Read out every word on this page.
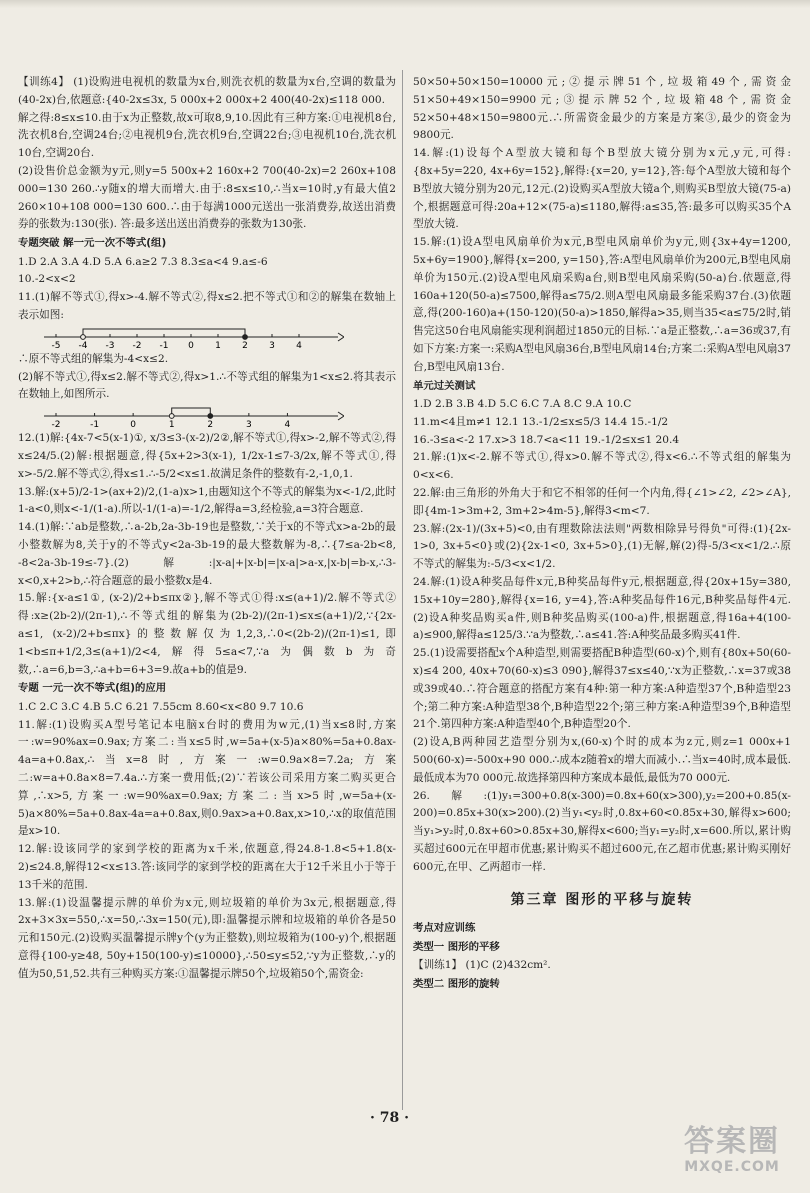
【训练4】 (1)设购进电视机的数量为x台,则洗衣机的数量为x台,空调的数量为(40-2x)台,依题意:{40-2x≤3x, 5 000x+2 000x+2 400(40-2x)≤118 000.

解之得:8≤x≤10.由于x为正整数,故x可取8,9,10.因此有三种方案:①电视机8台,洗衣机8台,空调24台;②电视机9台,洗衣机9台,空调22台;③电视机10台,洗衣机10台,空调20台.

(2)设售价总金额为y元,则y=5 500x+2 160x+2 700(40-2x)=2 260x+108 000=130 260.∴y随x的增大而增大.由于:8≤x≤10,∴当x=10时,y有最大值2 260×10+108 000=130 600.∴由于每满1000元送出一张消费券,故送出消费券的张数为:130(张). 答:最多送出送出消费券的张数为130张.

专题突破 解一元一次不等式(组)

1.D 2.A 3.A 4.D 5.A 6.a≥2 7.3 8.3≤a<4 9.a≤-6

10.-2<x<2

11.(1)解不等式①,得x>-4.解不等式②,得x≤2.把不等式①和②的解集在数轴上表示如图:

-5 -4 -3 -2 -1 0 1 2 3 4

∴原不等式组的解集为-4<x≤2.

(2)解不等式①,得x≤2.解不等式②,得x>1.∴不等式组的解集为1<x≤2.将其表示在数轴上,如图所示.

-2	-1	0	1	2	3	4

12.(1)解:{4x-7<5(x-1)①, x/3≤3-(x-2)/2②,解不等式①,得x>-2,解不等式②,得x≤24/5.(2)解:根据题意,得{5x+2>3(x-1), 1/2x-1≤7-3/2x,解不等式①,得x>-5/2.解不等式②,得x≤1.∴-5/2<x≤1.故满足条件的整数有-2,-1,0,1.

13.解:(x+5)/2-1>(ax+2)/2,(1-a)x>1,由题知这个不等式的解集为x<-1/2,此时1-a<0,则x<-1/(1-a).所以-1/(1-a)=-1/2,解得a=3,经检验,a=3符合题意.

14.(1)解:∵ab是整数,∴a-2b,2a-3b-19也是整数,∵关于x的不等式x>a-2b的最小整数解为8,关于y的不等式y<2a-3b-19的最大整数解为-8,∴{7≤a-2b<8, -8<2a-3b-19≤-7}.(2)解:|x-a|+|x-b|=|x-a|>a-x,|x-b|=b-x,∴3-x<0,x+2>b,∴符合题意的最小整数x是4.

15.解:{x-a≤1①, (x-2)/2+b≤πx②},解不等式①得:x≤(a+1)/2.解不等式②得:x≥(2b-2)/(2π-1),∴不等式组的解集为(2b-2)/(2π-1)≤x≤(a+1)/2,∵{2x-a≤1, (x-2)/2+b≤πx}的整数解仅为1,2,3,∴0<(2b-2)/(2π-1)≤1,即1<b≤π+1/2,3≤(a+1)/2<4,解得5≤a<7,∵a为偶数b为奇数,∴a=6,b=3,∴a+b=6+3=9.故a+b的值是9.

专题 一元一次不等式(组)的应用

1.C 2.C 3.C 4.B 5.C 6.21 7.55cm 8.60<x<80 9.7 10.6

11.解:(1)设购买A型号笔记本电脑x台时的费用为w元,(1)当x≤8时,方案一:w=90%ax=0.9ax;方案二:当x≤5时,w=5a+(x-5)a×80%=5a+0.8ax-4a=a+0.8ax,∴当x=8时,方案一:w=0.9a×8=7.2a;方案二:w=a+0.8a×8=7.4a.∴方案一费用低;(2)∵若该公司采用方案二购买更合算,∴x>5,方案一:w=90%ax=0.9ax;方案二:当x>5时,w=5a+(x-5)a×80%=5a+0.8ax-4a=a+0.8ax,则0.9ax>a+0.8ax,x>10,∴x的取值范围是x>10.

12.解:设该同学的家到学校的距离为x千米,依题意,得24.8-1.8<5+1.8(x-2)≤24.8,解得12<x≤13.答:该同学的家到学校的距离在大于12千米且小于等于13千米的范围.

13.解:(1)设温馨提示牌的单价为x元,则垃圾箱的单价为3x元,根据题意,得2x+3×3x=550,∴x=50,∴3x=150(元),即:温馨提示牌和垃圾箱的单价各是50元和150元.(2)设购买温馨提示牌y个(y为正整数),则垃圾箱为(100-y)个,根据题意得{100-y≥48, 50y+150(100-y)≤10000},∴50≤y≤52,∵y为正整数,∴y的值为50,51,52.共有三种购买方案:①温馨提示牌50个,垃圾箱50个,需资金:

50×50+50×150=10000元;②提示牌51个,垃圾箱49个,需资金51×50+49×150=9900元;③提示牌52个,垃圾箱48个,需资金52×50+48×150=9800元.∴所需资金最少的方案是方案③,最少的资金为9800元.

14.解:(1)设每个A型放大镜和每个B型放大镜分别为x元,y元,可得:{8x+5y=220, 4x+6y=152},解得:{x=20, y=12},答:每个A型放大镜和每个B型放大镜分别为20元,12元.(2)设购买A型放大镜a个,则购买B型放大镜(75-a)个,根据题意可得:20a+12×(75-a)≤1180,解得:a≤35,答:最多可以购买35个A型放大镜.

15.解:(1)设A型电风扇单价为x元,B型电风扇单价为y元,则{3x+4y=1200, 5x+6y=1900},解得{x=200, y=150},答:A型电风扇单价为200元,B型电风扇单价为150元.(2)设A型电风扇采购a台,则B型电风扇采购(50-a)台.依题意,得160a+120(50-a)≤7500,解得a≤75/2.则A型电风扇最多能采购37台.(3)依题意,得(200-160)a+(150-120)(50-a)>1850,解得a>35,则当35<a≤75/2时,销售完这50台电风扇能实现利润超过1850元的目标.∵a是正整数,∴a=36或37,有如下方案:方案一:采购A型电风扇36台,B型电风扇14台;方案二:采购A型电风扇37台,B型电风扇13台.

单元过关测试

1.D 2.B 3.B 4.D 5.C 6.C 7.A 8.C 9.A 10.C

11.m<4且m≠1 12.1 13.-1/2≤x≤5/3 14.4 15.-1/2

16.-3≤a<-2 17.x>3 18.7<a<11 19.-1/2≤x≤1 20.4

21.解:(1)x<-2.解不等式①,得x>0.解不等式②,得x<6.∴不等式组的解集为0<x<6.

22.解:由三角形的外角大于和它不相邻的任何一个内角,得{∠1>∠2, ∠2>∠A},即{4m-1>3m+2, 3m+2>4m-5},解得3<m<7.

23.解:(2x-1)/(3x+5)<0,由有理数除法法则"两数相除异号得负"可得:(1){2x-1>0, 3x+5<0}或(2){2x-1<0, 3x+5>0},(1)无解,解(2)得-5/3<x<1/2.∴原不等式的解集为:-5/3<x<1/2.

24.解:(1)设A种奖品每件x元,B种奖品每件y元,根据题意,得{20x+15y=380, 15x+10y=280},解得{x=16, y=4},答:A种奖品每件16元,B种奖品每件4元.(2)设A种奖品购买a件,则B种奖品购买(100-a)件,根据题意,得16a+4(100-a)≤900,解得a≤125/3.∵a为整数,∴a≤41.答:A种奖品最多购买41件.

25.(1)设需要搭配x个A种造型,则需要搭配B种造型(60-x)个,则有{80x+50(60-x)≤4 200, 40x+70(60-x)≤3 090},解得37≤x≤40,∵x为正整数,∴x=37或38或39或40.∴符合题意的搭配方案有4种:第一种方案:A种造型37个,B种造型23个;第二种方案:A种造型38个,B种造型22个;第三种方案:A种造型39个,B种造型21个.第四种方案:A种造型40个,B种造型20个.

(2)设A,B两种园艺造型分别为x,(60-x)个时的成本为z元,则z=1 000x+1 500(60-x)=-500x+90 000.∴成本z随着x的增大而减小.∴当x=40时,成本最低.最低成本为70 000元.故选择第四种方案成本最低,最低为70 000元.

26.解:(1)y₁=300+0.8(x-300)=0.8x+60(x>300),y₂=200+0.85(x-200)=0.85x+30(x>200).(2)当y₁<y₂时,0.8x+60<0.85x+30,解得x>600;当y₁>y₂时,0.8x+60>0.85x+30,解得x<600;当y₁=y₂时,x=600.所以,累计购买超过600元在甲超市优惠;累计购买不超过600元,在乙超市优惠;累计购买刚好600元,在甲、乙两超市一样.

第三章 图形的平移与旋转

考点对应训练

类型一 图形的平移

【训练1】 (1)C (2)432cm².

类型二 图形的旋转

· 78 ·
答案圈
MXQE.COM
